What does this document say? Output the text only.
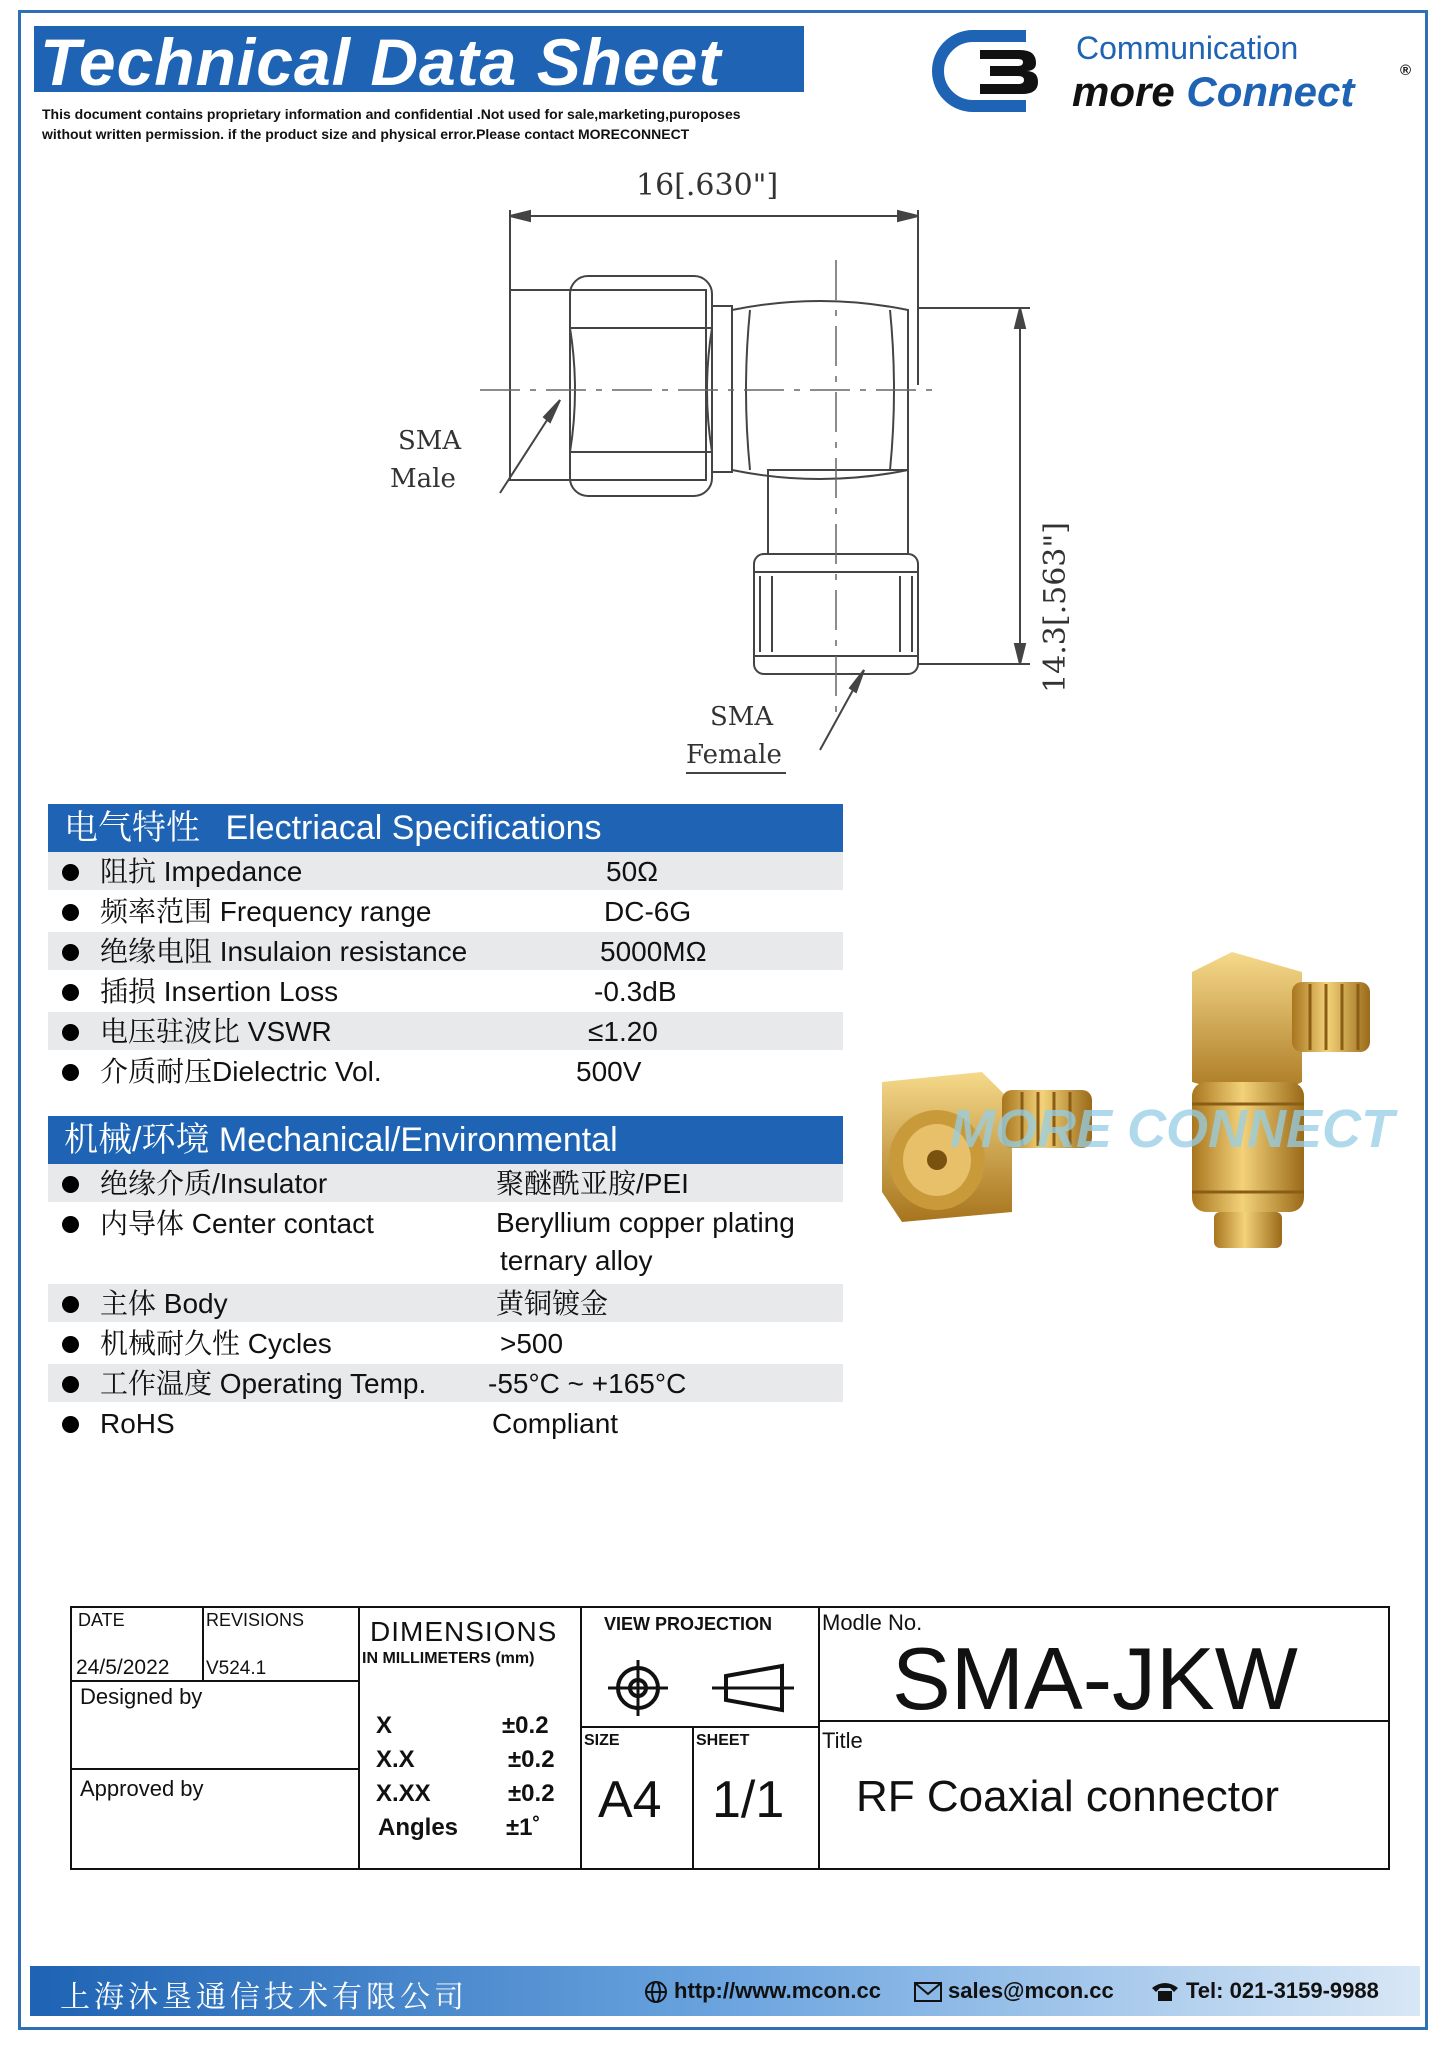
Technical Data Sheet
This document contains proprietary information and confidential .Not used for sale,marketing,puroposes
without written permission. if the product size and physical error.Please contact MORECONNECT
Communication
more Connect	®
16[.630"]
14.3[.563"]
SMA
Male
SMA
Female
电气特性 Electriacal Specifications
阻抗 Impedance	50Ω
频率范围 Frequency range	DC-6G
绝缘电阻 Insulaion resistance	5000MΩ
插损 Insertion Loss	-0.3dB
电压驻波比 VSWR	≤1.20
介质耐压Dielectric Vol.	500V
机械/环境 Mechanical/Environmental
绝缘介质/Insulator	聚醚酰亚胺/PEI
内导体 Center contact	Beryllium copper plating
ternary alloy
主体 Body	黄铜镀金
机械耐久性 Cycles	>500
工作温度 Operating Temp. -55°C ~ +165°C
RoHS	Compliant
MORE CONNECT
DATE
24/5/2022
REVISIONS
V524.1
Designed by
Approved by
DIMENSIONS
IN MILLIMETERS (mm)
X	±0.2
X.X	±0.2
X.XX	±0.2
Angles ±1˚
VIEW PROJECTION
SIZE
A4
SHEET
1/1
Modle No.
SMA-JKW
Title
RF Coaxial connector
上海沐垦通信技术有限公司	http://www.mcon.cc	sales@mcon.cc	Tel: 021-3159-9988
